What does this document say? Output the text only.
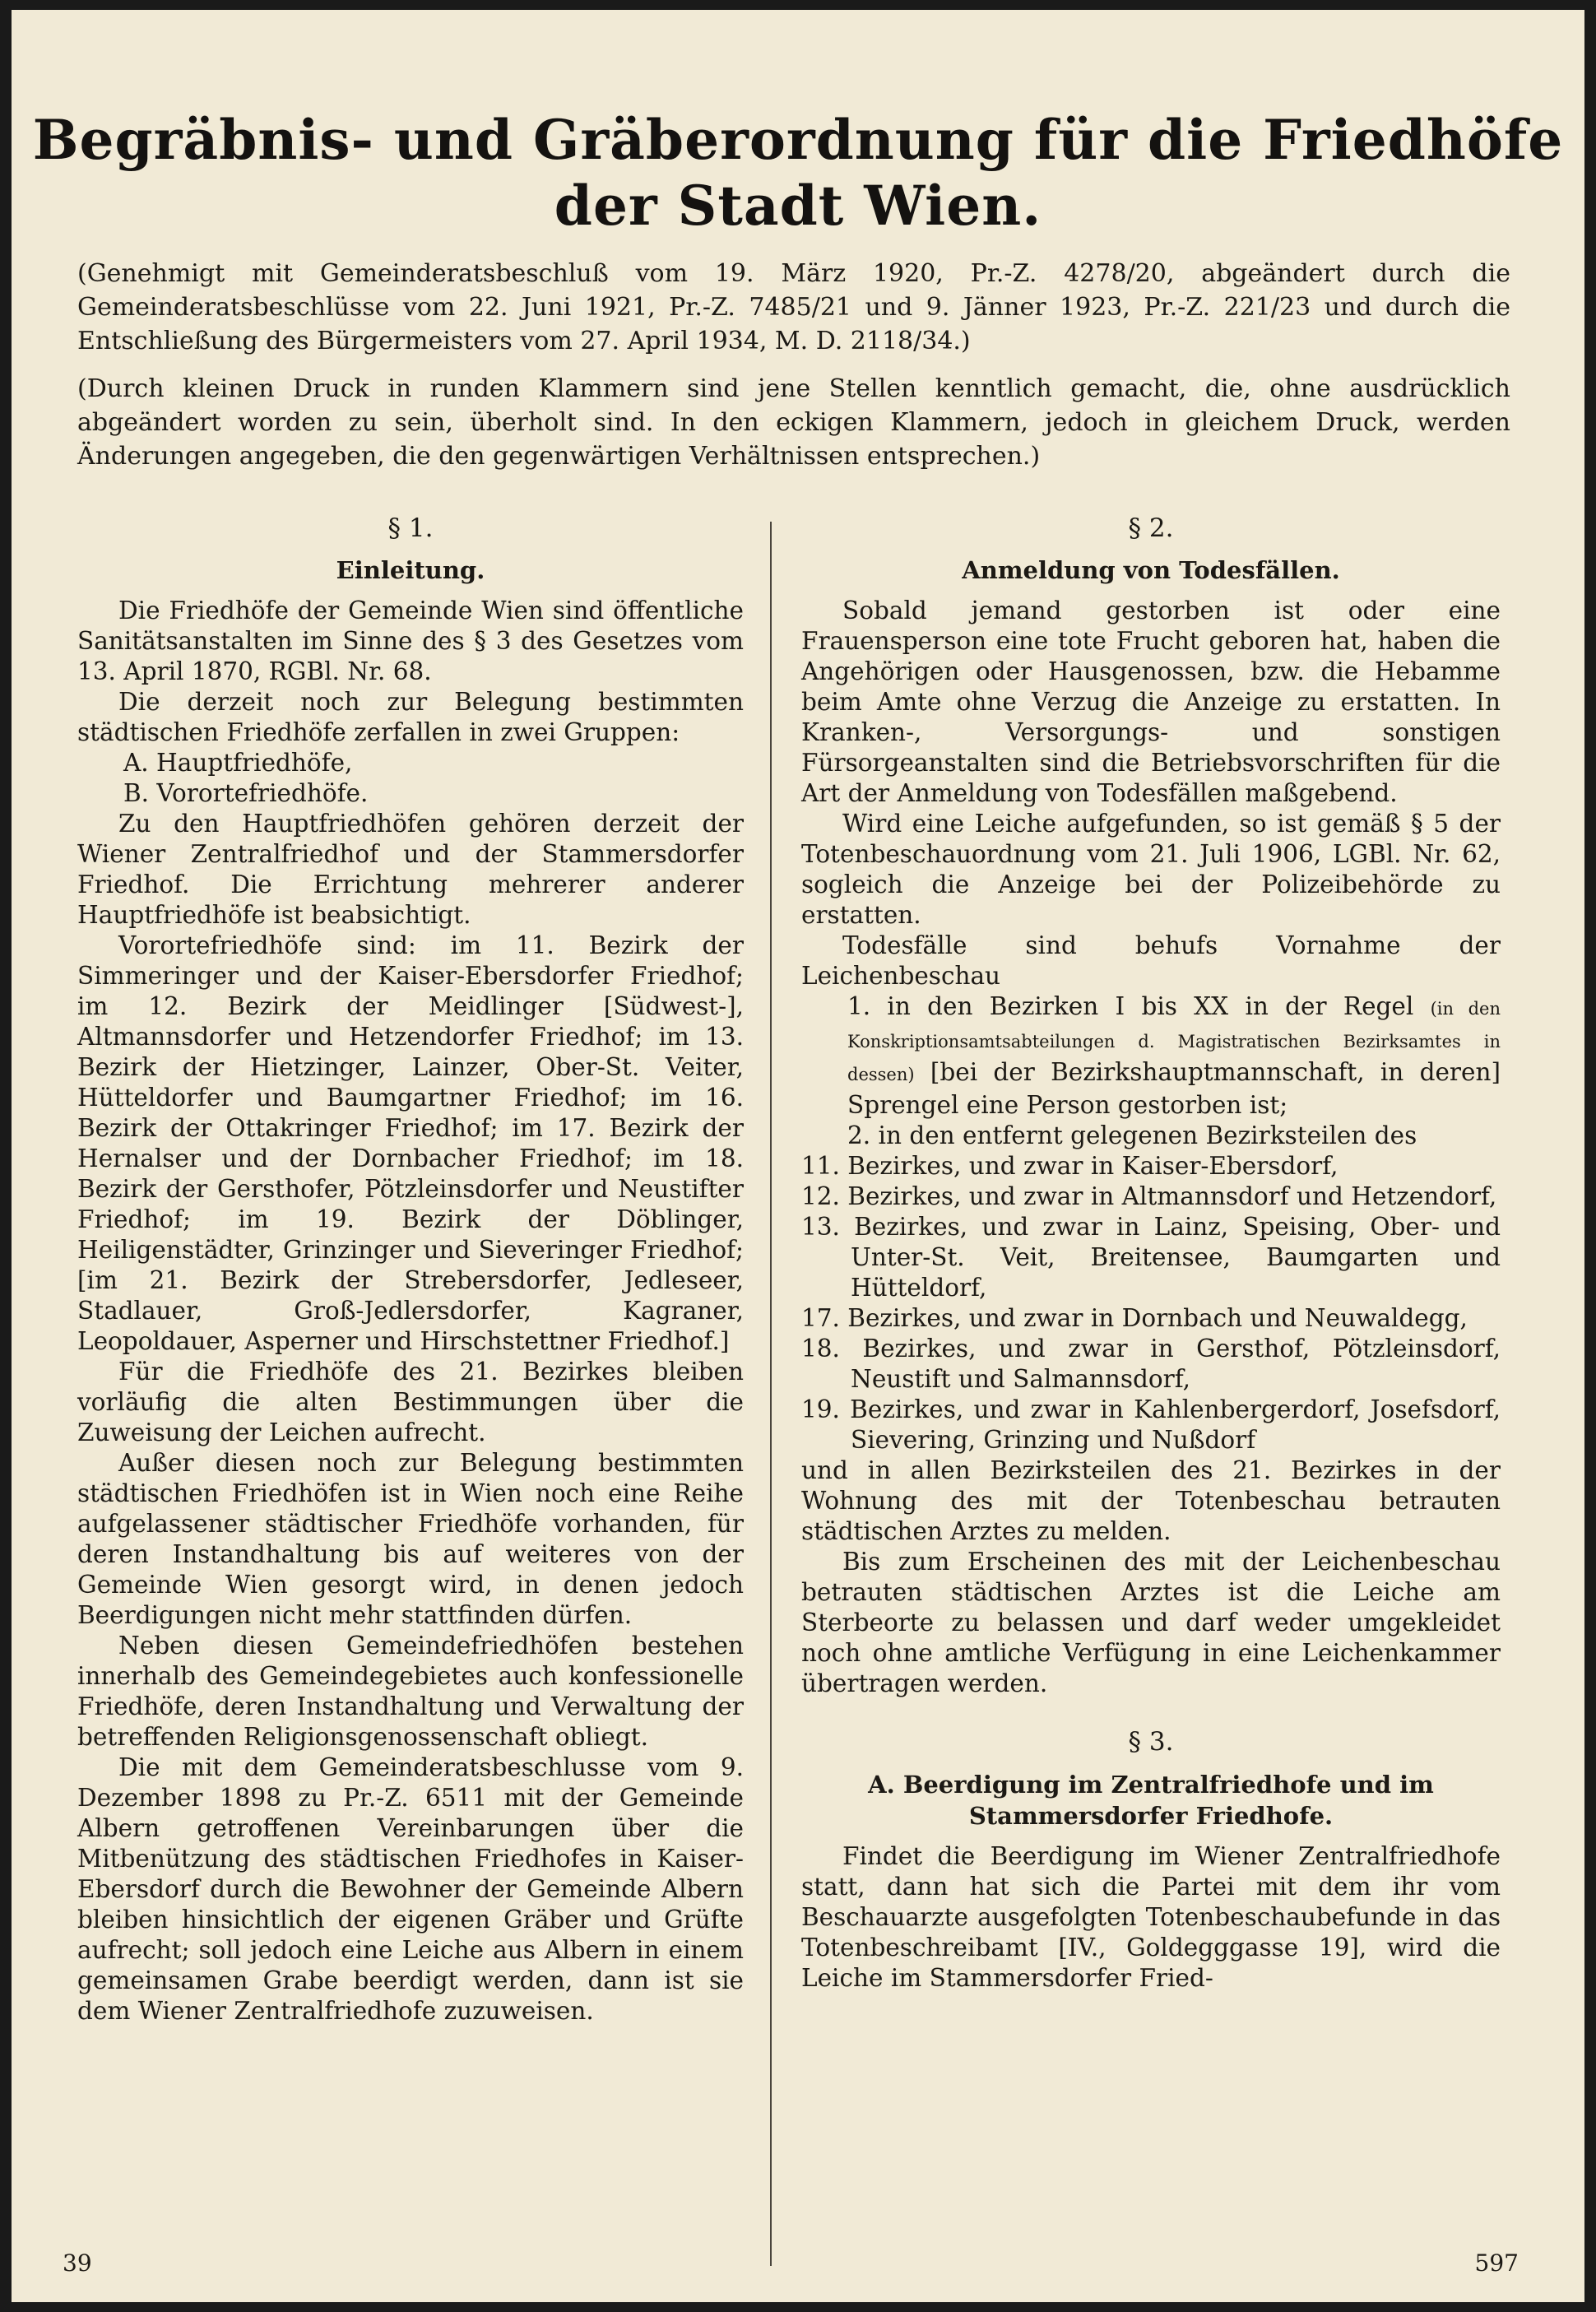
Begräbnis- und Gräberordnung für die Friedhöfe
der Stadt Wien.
(Genehmigt mit Gemeinderatsbeschluß vom 19. März 1920, Pr.-Z. 4278/20, abgeändert durch die Gemeinderatsbeschlüsse vom 22. Juni 1921, Pr.-Z. 7485/21 und 9. Jänner 1923, Pr.-Z. 221/23 und durch die Entschließung des Bürgermeisters vom 27. April 1934, M. D. 2118/34.)
(Durch kleinen Druck in runden Klammern sind jene Stellen kenntlich gemacht, die, ohne ausdrücklich abgeändert worden zu sein, überholt sind. In den eckigen Klammern, jedoch in gleichem Druck, werden Änderungen angegeben, die den gegenwärtigen Verhältnissen entsprechen.)
§ 1.
Einleitung.

Die Friedhöfe der Gemeinde Wien sind öffentliche Sanitätsanstalten im Sinne des § 3 des Gesetzes vom 13. April 1870, RGBl. Nr. 68.

Die derzeit noch zur Belegung bestimmten städtischen Friedhöfe zerfallen in zwei Gruppen:

A. Hauptfriedhöfe,
B. Vorortefriedhöfe.

Zu den Hauptfriedhöfen gehören derzeit der Wiener Zentralfriedhof und der Stammersdorfer Friedhof. Die Errichtung mehrerer anderer Hauptfriedhöfe ist beabsichtigt.

Vorortefriedhöfe sind: im 11. Bezirk der Simmeringer und der Kaiser-Ebersdorfer Friedhof; im 12. Bezirk der Meidlinger [Südwest-], Altmannsdorfer und Hetzendorfer Friedhof; im 13. Bezirk der Hietzinger, Lainzer, Ober-St. Veiter, Hütteldorfer und Baumgartner Friedhof; im 16. Bezirk der Ottakringer Friedhof; im 17. Bezirk der Hernalser und der Dornbacher Friedhof; im 18. Bezirk der Gersthofer, Pötzleinsdorfer und Neustifter Friedhof; im 19. Bezirk der Döblinger, Heiligenstädter, Grinzinger und Sieveringer Friedhof; [im 21. Bezirk der Strebersdorfer, Jedleseer, Stadlauer, Groß-Jedlersdorfer, Kagraner, Leopoldauer, Asperner und Hirschstettner Friedhof.]

Für die Friedhöfe des 21. Bezirkes bleiben vorläufig die alten Bestimmungen über die Zuweisung der Leichen aufrecht.

Außer diesen noch zur Belegung bestimmten städtischen Friedhöfen ist in Wien noch eine Reihe aufgelassener städtischer Friedhöfe vorhanden, für deren Instandhaltung bis auf weiteres von der Gemeinde Wien gesorgt wird, in denen jedoch Beerdigungen nicht mehr stattfinden dürfen.

Neben diesen Gemeindefriedhöfen bestehen innerhalb des Gemeindegebietes auch konfessionelle Friedhöfe, deren Instandhaltung und Verwaltung der betreffenden Religionsgenossenschaft obliegt.

Die mit dem Gemeinderatsbeschlusse vom 9. Dezember 1898 zu Pr.-Z. 6511 mit der Gemeinde Albern getroffenen Vereinbarungen über die Mitbenützung des städtischen Friedhofes in Kaiser-Ebersdorf durch die Bewohner der Gemeinde Albern bleiben hinsichtlich der eigenen Gräber und Grüfte aufrecht; soll jedoch eine Leiche aus Albern in einem gemeinsamen Grabe beerdigt werden, dann ist sie dem Wiener Zentralfriedhofe zuzuweisen.

§ 2.
Anmeldung von Todesfällen.

Sobald jemand gestorben ist oder eine Frauensperson eine tote Frucht geboren hat, haben die Angehörigen oder Hausgenossen, bzw. die Hebamme beim Amte ohne Verzug die Anzeige zu erstatten. In Kranken-, Versorgungs- und sonstigen Fürsorgeanstalten sind die Betriebsvorschriften für die Art der Anmeldung von Todesfällen maßgebend.

Wird eine Leiche aufgefunden, so ist gemäß § 5 der Totenbeschauordnung vom 21. Juli 1906, LGBl. Nr. 62, sogleich die Anzeige bei der Polizeibehörde zu erstatten.

Todesfälle sind behufs Vornahme der Leichenbeschau

1. in den Bezirken I bis XX in der Regel (in den Konskriptionsamtsabteilungen d. Magistratischen Bezirksamtes in dessen) [bei der Bezirkshauptmannschaft, in deren] Sprengel eine Person gestorben ist;
2. in den entfernt gelegenen Bezirksteilen des
11. Bezirkes, und zwar in Kaiser-Ebersdorf,
12. Bezirkes, und zwar in Altmannsdorf und Hetzendorf,
13. Bezirkes, und zwar in Lainz, Speising, Ober- und Unter-St. Veit, Breitensee, Baumgarten und Hütteldorf,
17. Bezirkes, und zwar in Dornbach und Neuwaldegg,
18. Bezirkes, und zwar in Gersthof, Pötzleinsdorf, Neustift und Salmannsdorf,
19. Bezirkes, und zwar in Kahlenbergerdorf, Josefsdorf, Sievering, Grinzing und Nußdorf
und in allen Bezirksteilen des 21. Bezirkes in der Wohnung des mit der Totenbeschau betrauten städtischen Arztes zu melden.

Bis zum Erscheinen des mit der Leichenbeschau betrauten städtischen Arztes ist die Leiche am Sterbeorte zu belassen und darf weder umgekleidet noch ohne amtliche Verfügung in eine Leichenkammer übertragen werden.

§ 3.
A. Beerdigung im Zentralfriedhofe und im
Stammersdorfer Friedhofe.

Findet die Beerdigung im Wiener Zentralfriedhofe statt, dann hat sich die Partei mit dem ihr vom Beschauarzte ausgefolgten Totenbeschaubefunde in das Totenbeschreibamt [IV., Goldegggasse 19], wird die Leiche im Stammersdorfer Fried-

39	597
